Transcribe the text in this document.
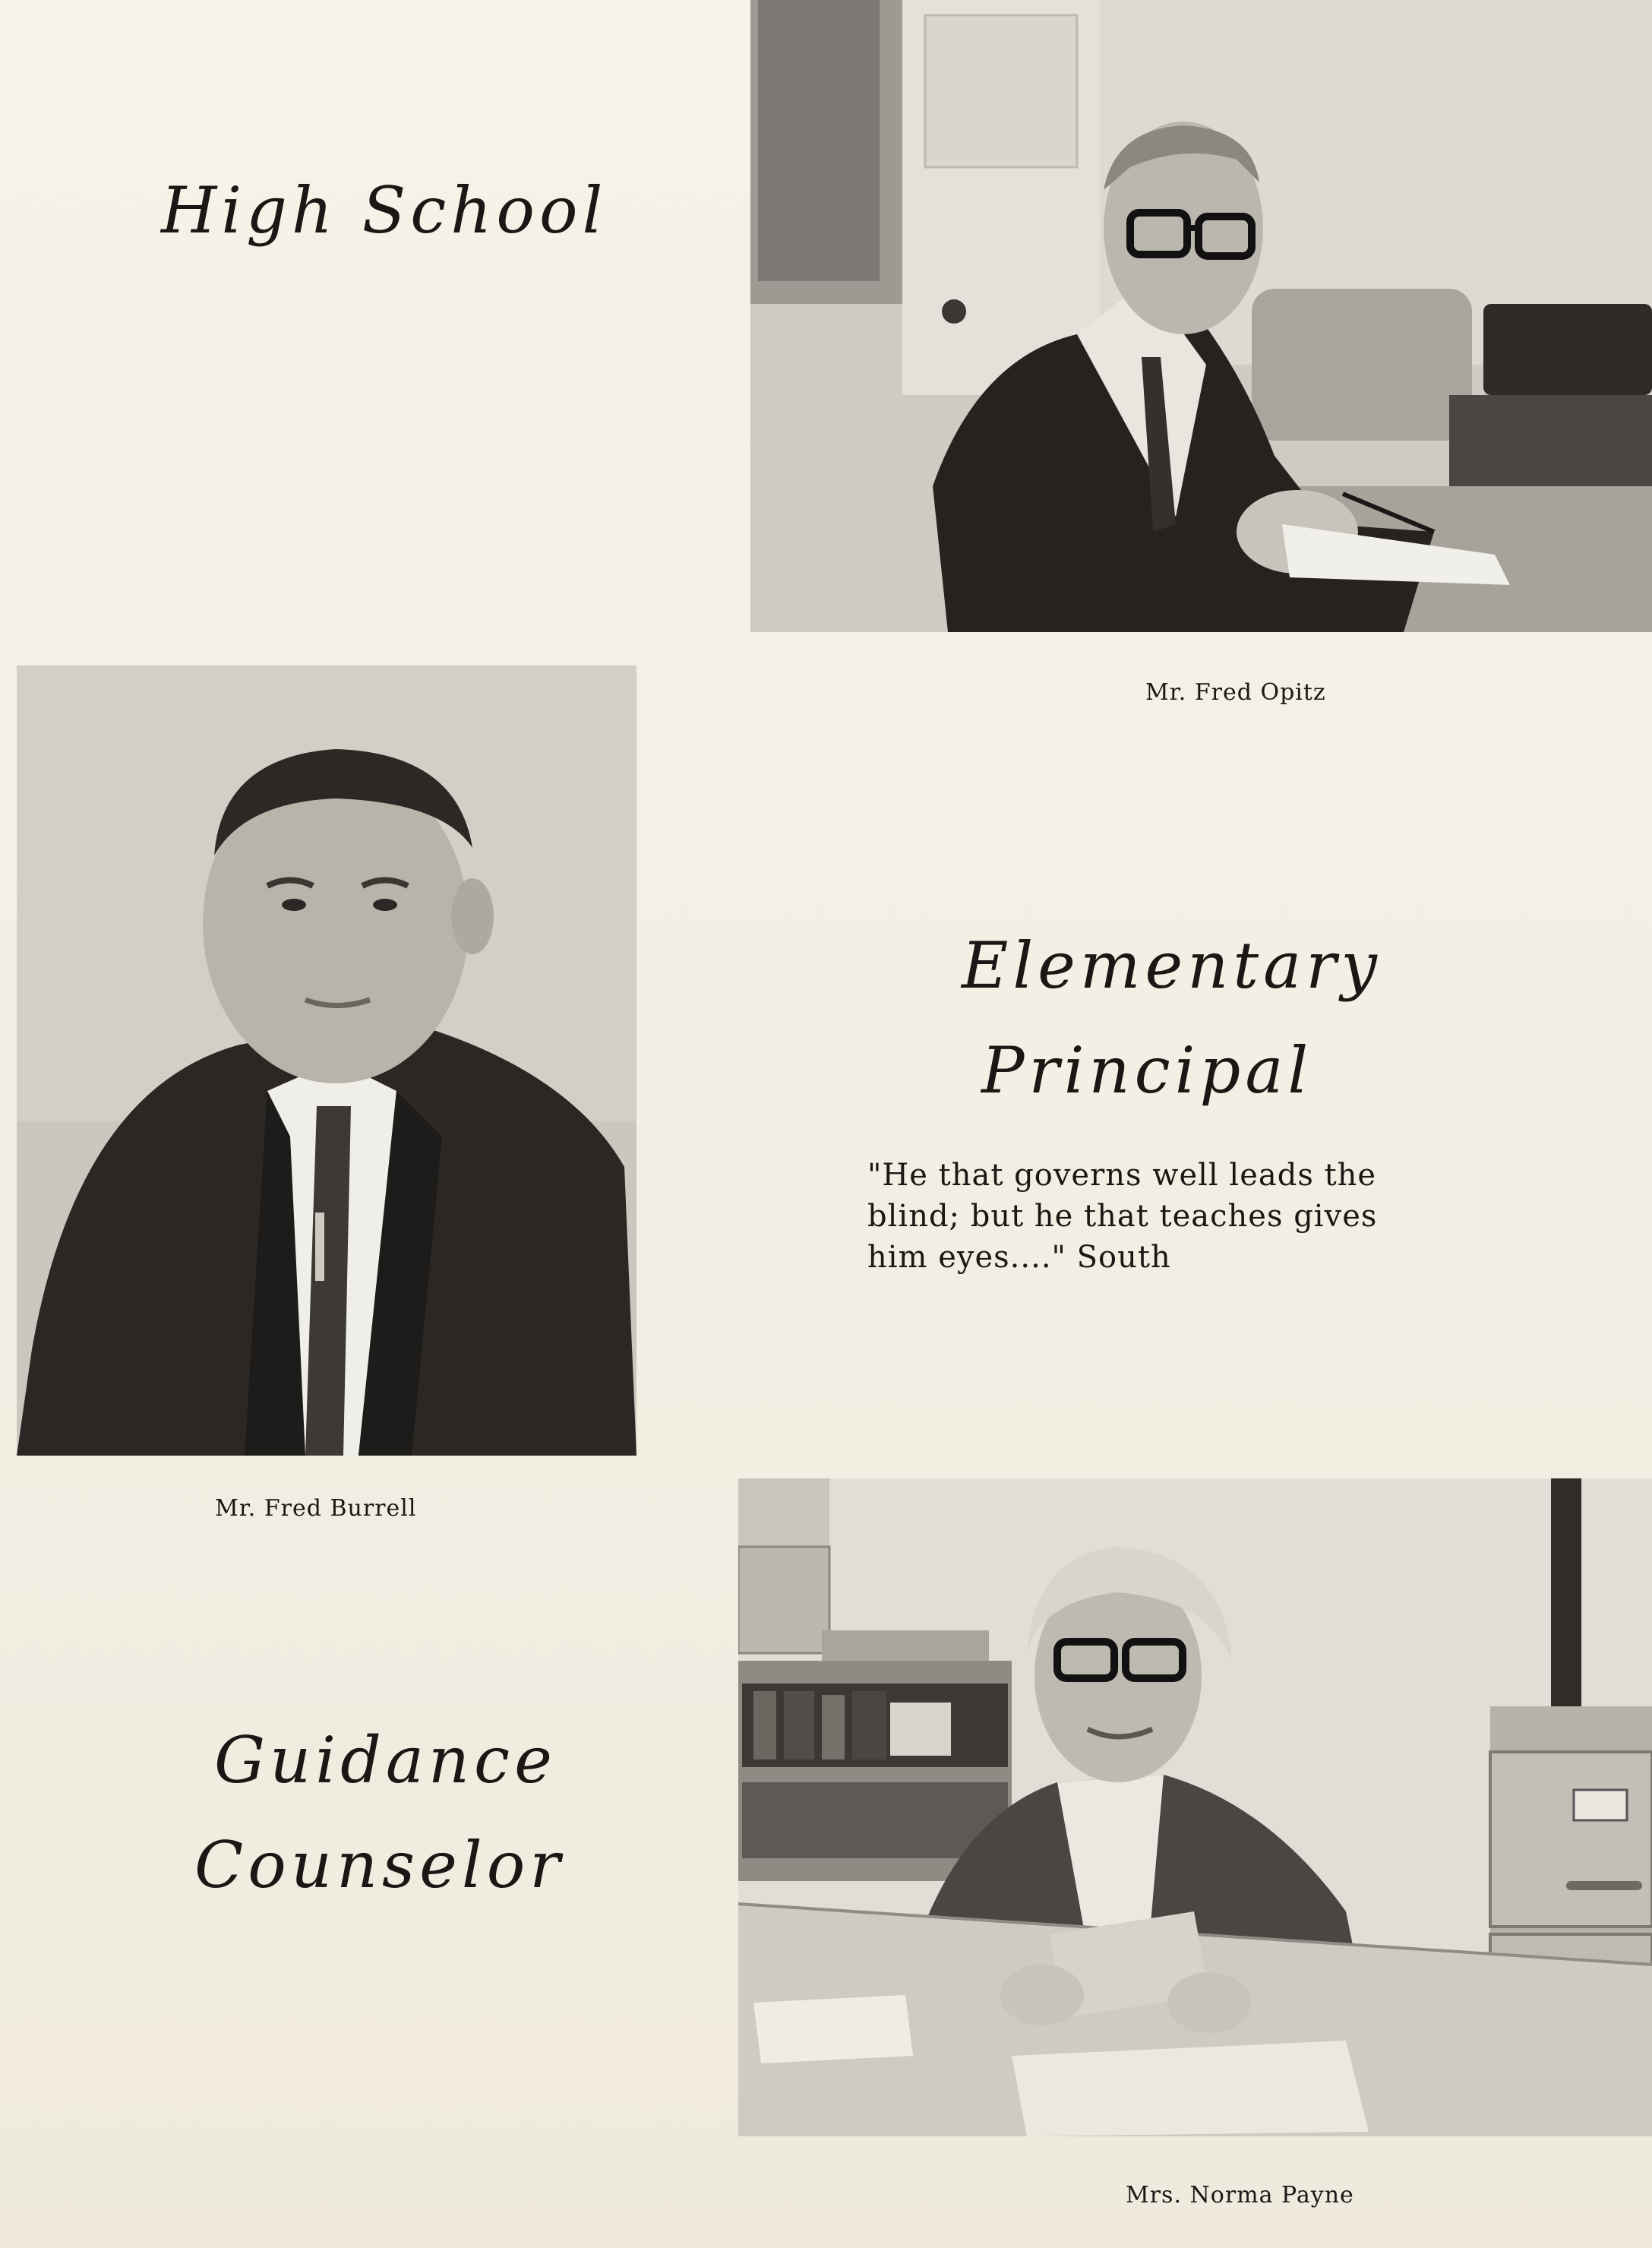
Mr. Fred Opitz
High School
Mr. Fred Burrell
Elementary
Principal
"He that governs well leads the
blind; but he that teaches gives
him eyes...." South
Guidance
Counselor
Mrs. Norma Payne
